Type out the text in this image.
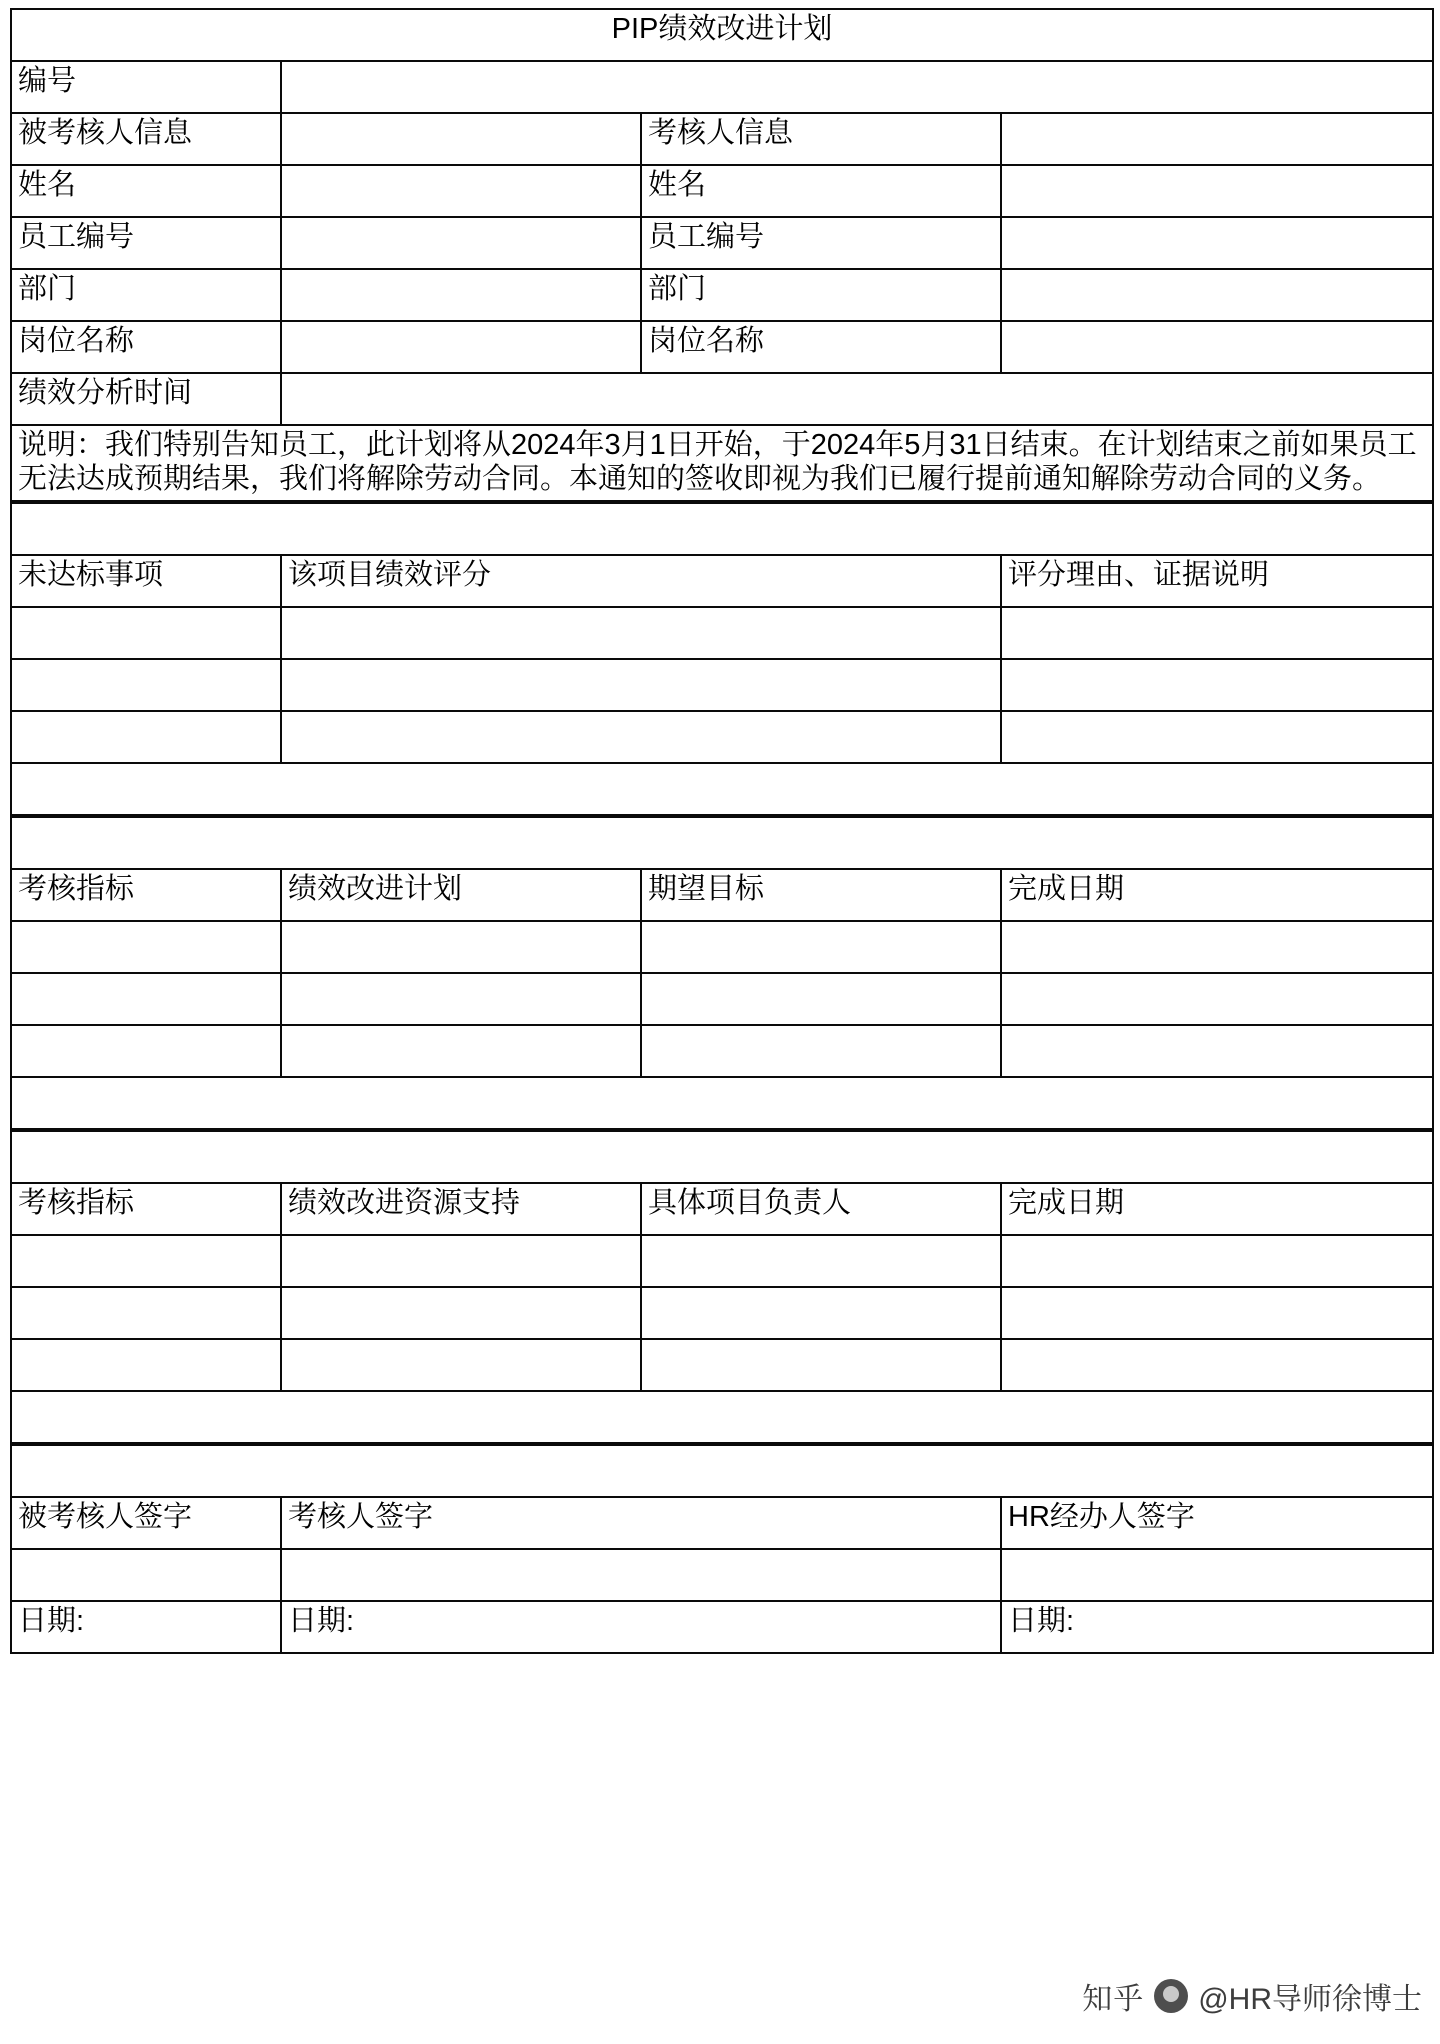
PIP绩效改进计划			
编号			
被考核人信息		考核人信息	
姓名		姓名	
员工编号		员工编号	
部门		部门	
岗位名称		岗位名称	
绩效分析时间			
说明：我们特别告知员工，此计划将从2024年3月1日开始，于2024年5月31日结束。在计划结束之前如果员工无法达成预期结果，我们将解除劳动合同。本通知的签收即视为我们已履行提前通知解除劳动合同的义务。			
被考核人绩效未达标事项（考核人填写）		
未达标事项	该项目绩效评分	评分理由、证据说明

被考核人绩效改进计划（由被考核人与考核人协商一致）			
考核指标	绩效改进计划	期望目标	完成日期

绩效改进支持（考核人填写）			
考核指标	绩效改进资源支持	具体项目负责人	完成日期

签字及备案		
被考核人签字	考核人签字	HR经办人签字

日期:	日期:	日期:
知乎 @HR导师徐博士
